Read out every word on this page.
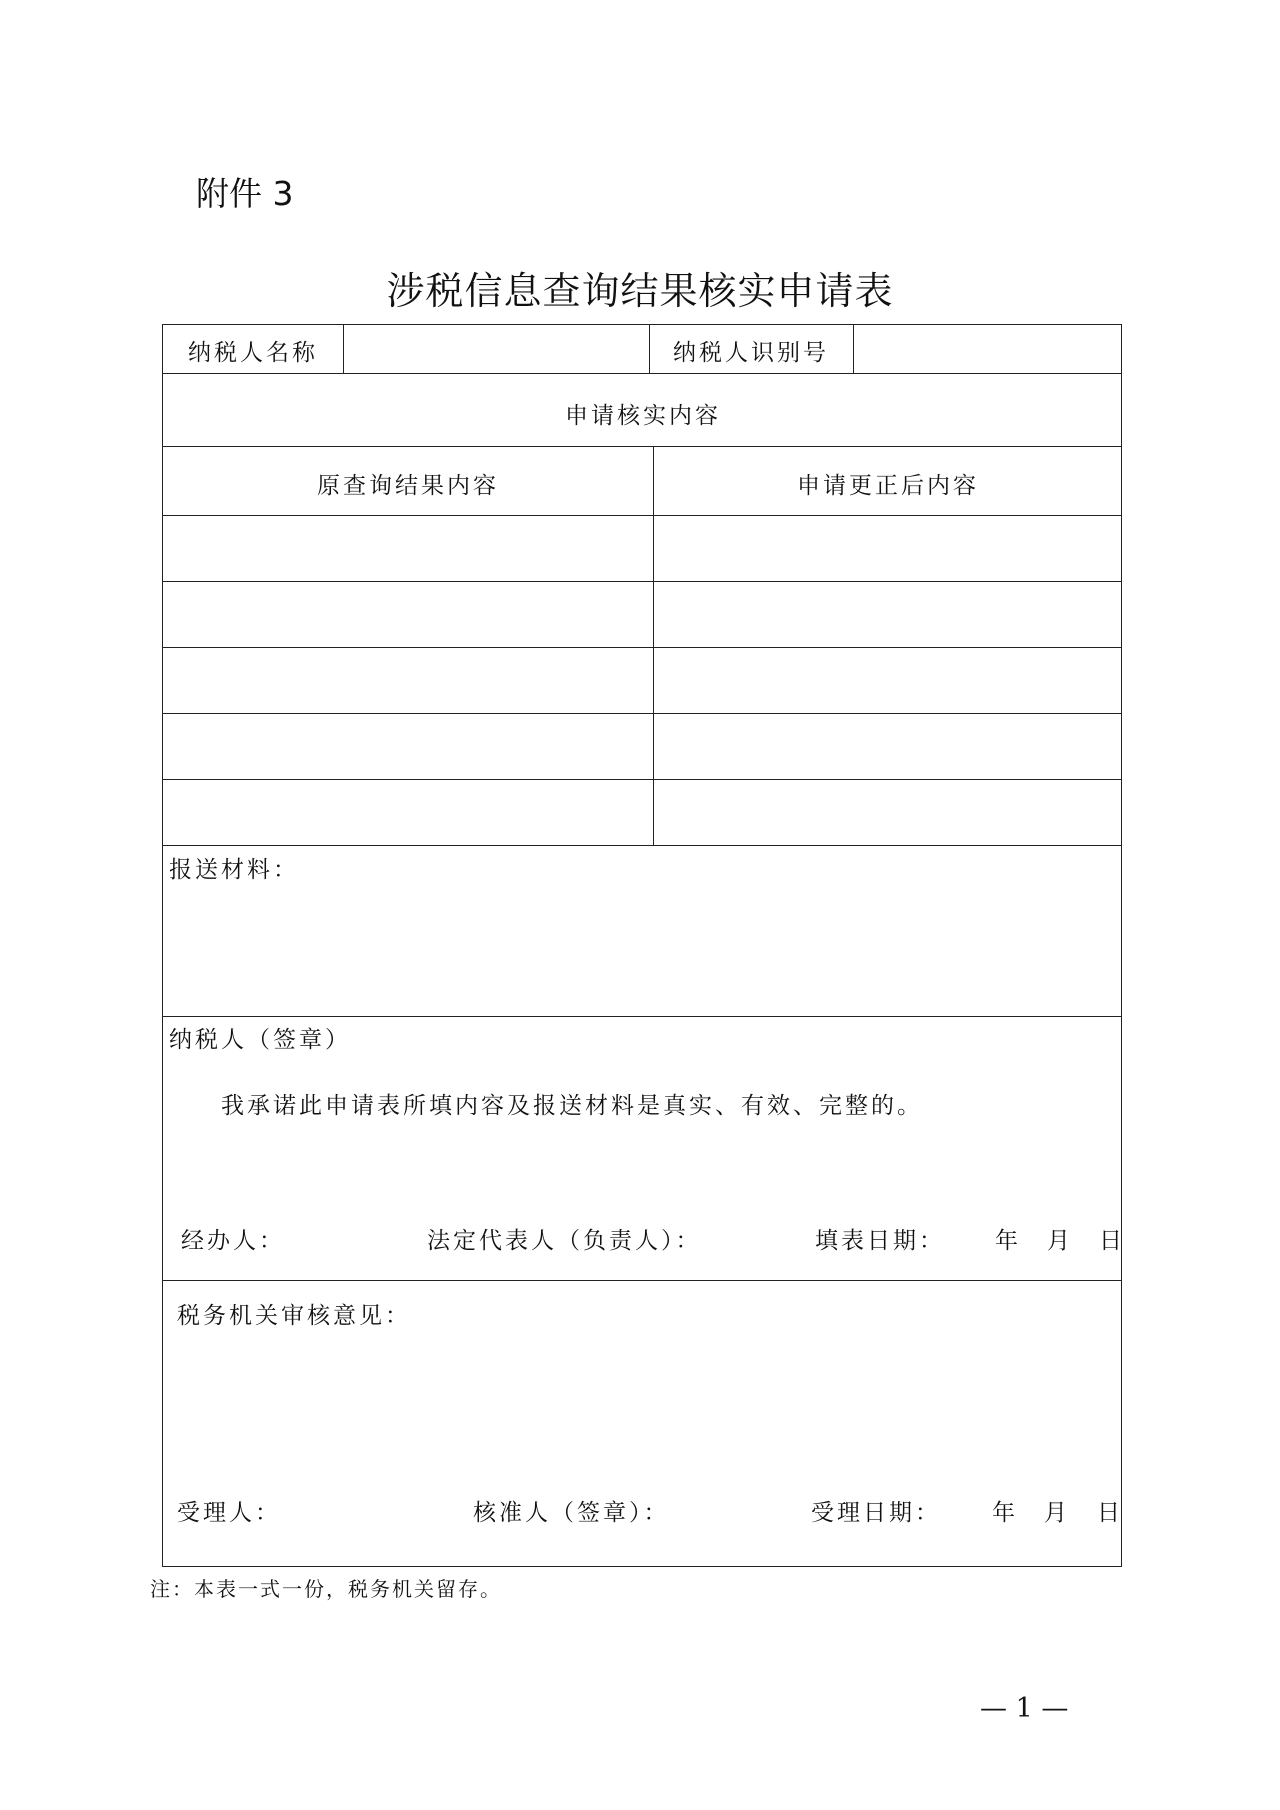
附件 3
涉税信息查询结果核实申请表
纳税人名称	纳税人识别号
申请核实内容
原查询结果内容	申请更正后内容
报送材料：
纳税人（签章）
我承诺此申请表所填内容及报送材料是真实、有效、完整的。
经办人：	法定代表人（负责人）：	填表日期： 年 月 日
税务机关审核意见：
受理人：	核准人（签章）：	受理日期： 年 月 日
注：本表一式一份，税务机关留存。
— 1 —
